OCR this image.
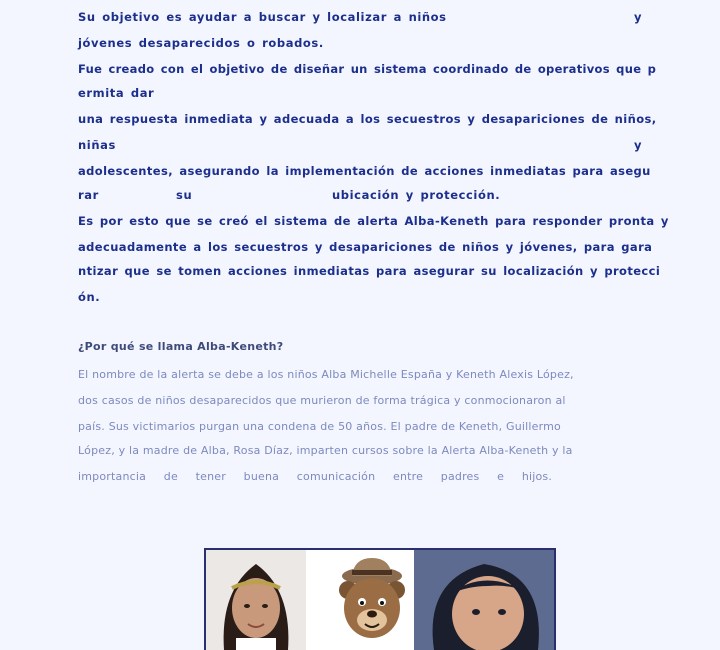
Su objetivo es ayudar a buscar y localizar a niños	y
jóvenes desaparecidos o robados.
Fue creado con el objetivo de diseñar un sistema coordinado de operativos que p
ermita dar
una respuesta inmediata y adecuada a los secuestros y desapariciones de niños,
niñas	y
adolescentes, asegurando la implementación de acciones inmediatas para asegu
rar	su	ubicación y protección.
Es por esto que se creó el sistema de alerta Alba-Keneth para responder pronta y
adecuadamente a los secuestros y desapariciones de niños y jóvenes, para gara
ntizar que se tomen acciones inmediatas para asegurar su localización y protecci
ón.
¿Por qué se llama Alba-Keneth?
El nombre de la alerta se debe a los niños Alba Michelle España y Keneth Alexis López,
dos casos de niños desaparecidos que murieron de forma trágica y conmocionaron al
país. Sus victimarios purgan una condena de 50 años. El padre de Keneth, Guillermo
López, y la madre de Alba, Rosa Díaz, imparten cursos sobre la Alerta Alba-Keneth y la
importancia de tener buena comunicación entre padres e hijos.
